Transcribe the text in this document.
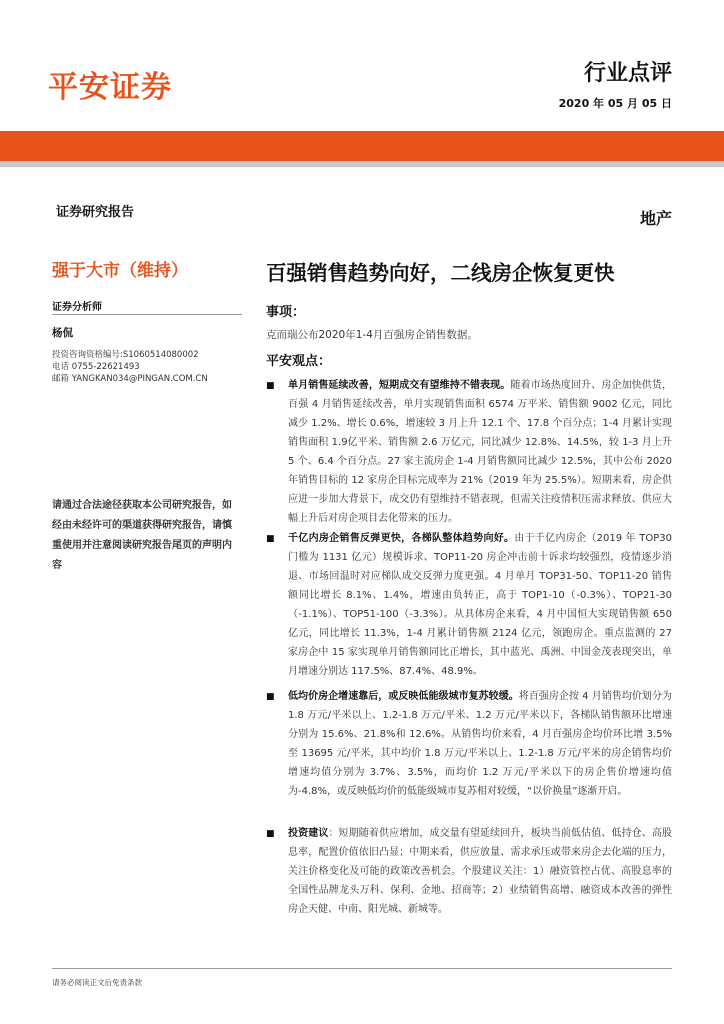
平安证券	行业点评
2020 年 05 月 05 日
证券研究报告
强于大市（维持）
证券分析师
杨侃
投资咨询资格编号:S1060514080002
电话 0755-22621493
邮箱 YANGKAN034@PINGAN.COM.CN
请通过合法途径获取本公司研究报告，如经由未经许可的渠道获得研究报告，请慎重使用并注意阅读研究报告尾页的声明内容
地产
百强销售趋势向好，二线房企恢复更快
事项：
克而瑞公布2020年1-4月百强房企销售数据。
平安观点：
■ 单月销售延续改善，短期成交有望维持不错表现。随着市场热度回升、房企加快供货，百强 4 月销售延续改善，单月实现销售面积 6574 万平米、销售额 9002 亿元，同比减少 1.2%、增长 0.6%，增速较 3 月上升 12.1 个、17.8 个百分点；1-4 月累计实现销售面积 1.9亿平米、销售额 2.6 万亿元，同比减少 12.8%、14.5%，较 1-3 月上升 5 个、6.4 个百分点。27 家主流房企 1-4 月销售额同比减少 12.5%，其中公布 2020 年销售目标的 12 家房企目标完成率为 21%（2019 年为 25.5%）。短期来看，房企供应进一步加大背景下，成交仍有望维持不错表现，但需关注疫情积压需求释放、供应大幅上升后对房企项目去化带来的压力。
■ 千亿内房企销售反弹更快，各梯队整体趋势向好。由于千亿内房企（2019 年 TOP30 门槛为 1131 亿元）规模诉求、TOP11-20 房企冲击前十诉求均较强烈，疫情逐步消退、市场回温时对应梯队成交反弹力度更强。4 月单月 TOP31-50、TOP11-20 销售额同比增长 8.1%、1.4%，增速由负转正，高于 TOP1-10（-0.3%）、TOP21-30（-1.1%）、TOP51-100（-3.3%）。从具体房企来看，4 月中国恒大实现销售额 650 亿元，同比增长 11.3%，1-4 月累计销售额 2124 亿元，领跑房企。重点监测的 27 家房企中 15 家实现单月销售额同比正增长，其中蓝光、禹洲、中国金茂表现突出，单月增速分别达 117.5%、87.4%、48.9%。
■ 低均价房企增速靠后，或反映低能级城市复苏较缓。将百强房企按 4 月销售均价划分为 1.8 万元/平米以上、1.2-1.8 万元/平米、1.2 万元/平米以下，各梯队销售额环比增速分别为 15.6%、21.8%和 12.6%。从销售均价来看，4 月百强房企均价环比增 3.5%至 13695 元/平米，其中均价 1.8 万元/平米以上、1.2-1.8 万元/平米的房企销售均价增速均值分别为 3.7%、3.5%，而均价 1.2 万元/平米以下的房企售价增速均值为-4.8%，或反映低均价的低能级城市复苏相对较缓，“以价换量”逐渐开启。
■ 投资建议：短期随着供应增加，成交量有望延续回升，板块当前低估值、低持仓、高股息率，配置价值依旧凸显；中期来看，供应放量、需求承压或带来房企去化端的压力，关注价格变化及可能的政策改善机会。个股建议关注：1）融资管控占优、高股息率的全国性品牌龙头万科、保利、金地、招商等；2）业绩销售高增、融资成本改善的弹性房企天健、中南、阳光城、新城等。
请务必阅读正文后免责条款
